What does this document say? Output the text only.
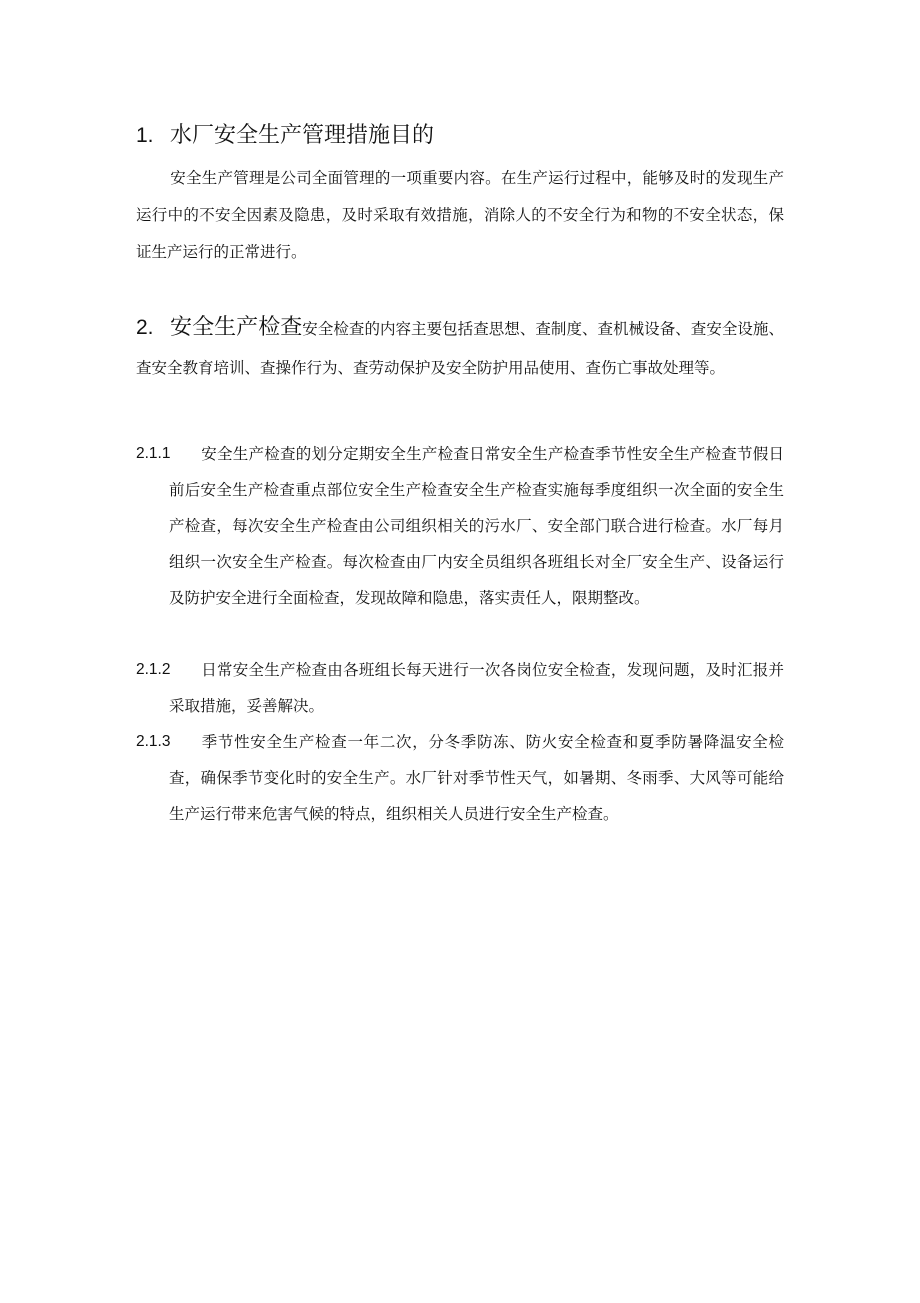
1. 水厂安全生产管理措施目的
安全生产管理是公司全面管理的一项重要内容。在生产运行过程中，能够及时的发现生产运行中的不安全因素及隐患，及时采取有效措施，消除人的不安全行为和物的不安全状态，保证生产运行的正常进行。
2. 安全生产检查安全检查的内容主要包括查思想、查制度、查机械设备、查安全设施、查安全教育培训、查操作行为、查劳动保护及安全防护用品使用、查伤亡事故处理等。
2.1.1	安全生产检查的划分定期安全生产检查日常安全生产检查季节性安全生产检查节假日前后安全生产检查重点部位安全生产检查安全生产检查实施每季度组织一次全面的安全生产检查，每次安全生产检查由公司组织相关的污水厂、安全部门联合进行检查。水厂每月组织一次安全生产检查。每次检查由厂内安全员组织各班组长对全厂安全生产、设备运行及防护安全进行全面检查，发现故障和隐患，落实责任人，限期整改。
2.1.2	日常安全生产检查由各班组长每天进行一次各岗位安全检查，发现问题，及时汇报并采取措施，妥善解决。
2.1.3	季节性安全生产检查一年二次，分冬季防冻、防火安全检查和夏季防暑降温安全检查，确保季节变化时的安全生产。水厂针对季节性天气，如暑期、冬雨季、大风等可能给生产运行带来危害气候的特点，组织相关人员进行安全生产检查。
